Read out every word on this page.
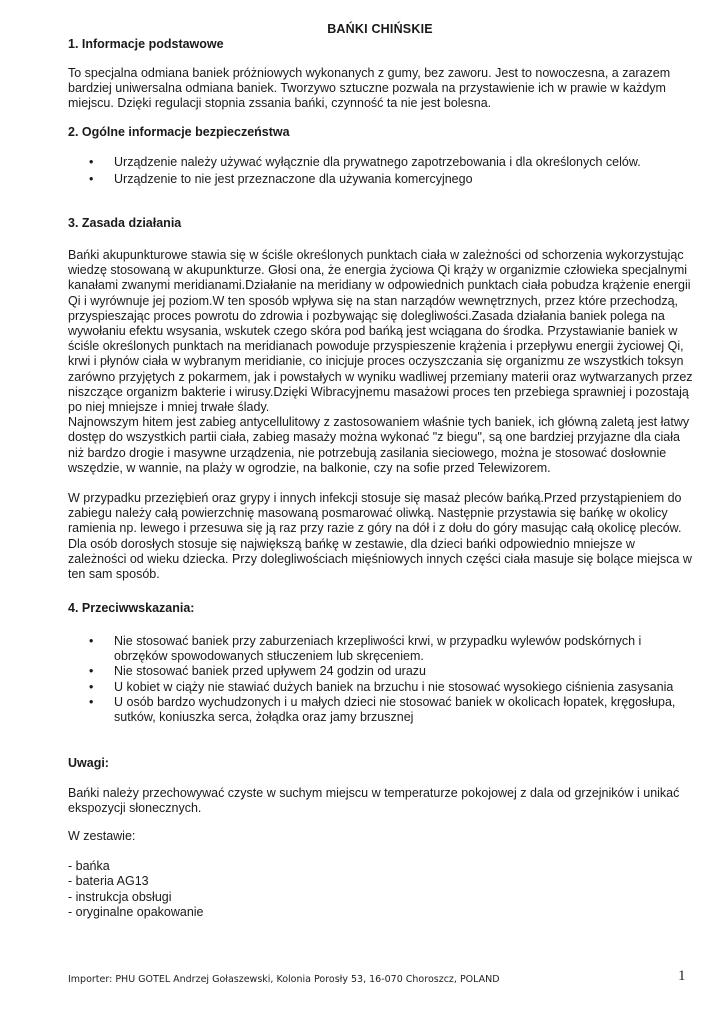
BAŃKI CHIŃSKIE

1. Informacje podstawowe

To specjalna odmiana baniek próżniowych wykonanych z gumy, bez zaworu. Jest to nowoczesna, a zarazem bardziej uniwersalna odmiana baniek. Tworzywo sztuczne pozwala na przystawienie ich w prawie w każdym miejscu. Dzięki regulacji stopnia zssania bańki, czynność ta nie jest bolesna.

2. Ogólne informacje bezpieczeństwa

• Urządzenie należy używać wyłącznie dla prywatnego zapotrzebowania i dla określonych celów.
• Urządzenie to nie jest przeznaczone dla używania komercyjnego

3. Zasada działania

Bańki akupunkturowe stawia się w ściśle określonych punktach ciała w zależności od schorzenia wykorzystując wiedzę stosowaną w akupunkturze. Głosi ona, że energia życiowa Qi krąży w organizmie człowieka specjalnymi kanałami zwanymi meridianami.Działanie na meridiany w odpowiednich punktach ciała pobudza krążenie energii Qi i wyrównuje jej poziom.W ten sposób wpływa się na stan narządów wewnętrznych, przez które przechodzą, przyspieszając proces powrotu do zdrowia i pozbywając się dolegliwości.Zasada działania baniek polega na wywołaniu efektu wsysania, wskutek czego skóra pod bańką jest wciągana do środka. Przystawianie baniek w ściśle określonych punktach na meridianach powoduje przyspieszenie krążenia i przepływu energii życiowej Qi, krwi i płynów ciała w wybranym meridianie, co inicjuje proces oczyszczania się organizmu ze wszystkich toksyn zarówno przyjętych z pokarmem, jak i powstałych w wyniku wadliwej przemiany materii oraz wytwarzanych przez niszczące organizm bakterie i wirusy.Dzięki Wibracyjnemu masażowi proces ten przebiega sprawniej i pozostają po niej mniejsze i mniej trwałe ślady.

Najnowszym hitem jest zabieg antycellulitowy z zastosowaniem właśnie tych baniek, ich główną zaletą jest łatwy dostęp do wszystkich partii ciała, zabieg masaży można wykonać "z biegu", są one bardziej przyjazne dla ciała niż bardzo drogie i masywne urządzenia, nie potrzebują zasilania sieciowego, można je stosować dosłownie wszędzie, w wannie, na plaży w ogrodzie, na balkonie, czy na sofie przed Telewizorem.

W przypadku przeziębień oraz grypy i innych infekcji stosuje się masaż pleców bańką.Przed przystąpieniem do zabiegu należy całą powierzchnię masowaną posmarować oliwką. Następnie przystawia się bańkę w okolicy ramienia np. lewego i przesuwa się ją raz przy razie z góry na dół i z dołu do góry masując całą okolicę pleców. Dla osób dorosłych stosuje się największą bańkę w zestawie, dla dzieci bańki odpowiednio mniejsze w zależności od wieku dziecka. Przy dolegliwościach mięśniowych innych części ciała masuje się bolące miejsca w ten sam sposób.

4. Przeciwwskazania:

• Nie stosować baniek przy zaburzeniach krzepliwości krwi, w przypadku wylewów podskórnych i obrzęków spowodowanych stłuczeniem lub skręceniem.
• Nie stosować baniek przed upływem 24 godzin od urazu
• U kobiet w ciąży nie stawiać dużych baniek na brzuchu i nie stosować wysokiego ciśnienia zasysania
• U osób bardzo wychudzonych i u małych dzieci nie stosować baniek w okolicach łopatek, kręgosłupa, sutków, koniuszka serca, żołądka oraz jamy brzusznej

Uwagi:

Bańki należy przechowywać czyste w suchym miejscu w temperaturze pokojowej z dala od grzejników i unikać ekspozycji słonecznych.

W zestawie:

- bańka

- bateria AG13

- instrukcja obsługi

- oryginalne opakowanie

Importer: PHU GOTEL Andrzej Gołaszewski, Kolonia Porosły 53, 16-070 Choroszcz, POLAND	1
